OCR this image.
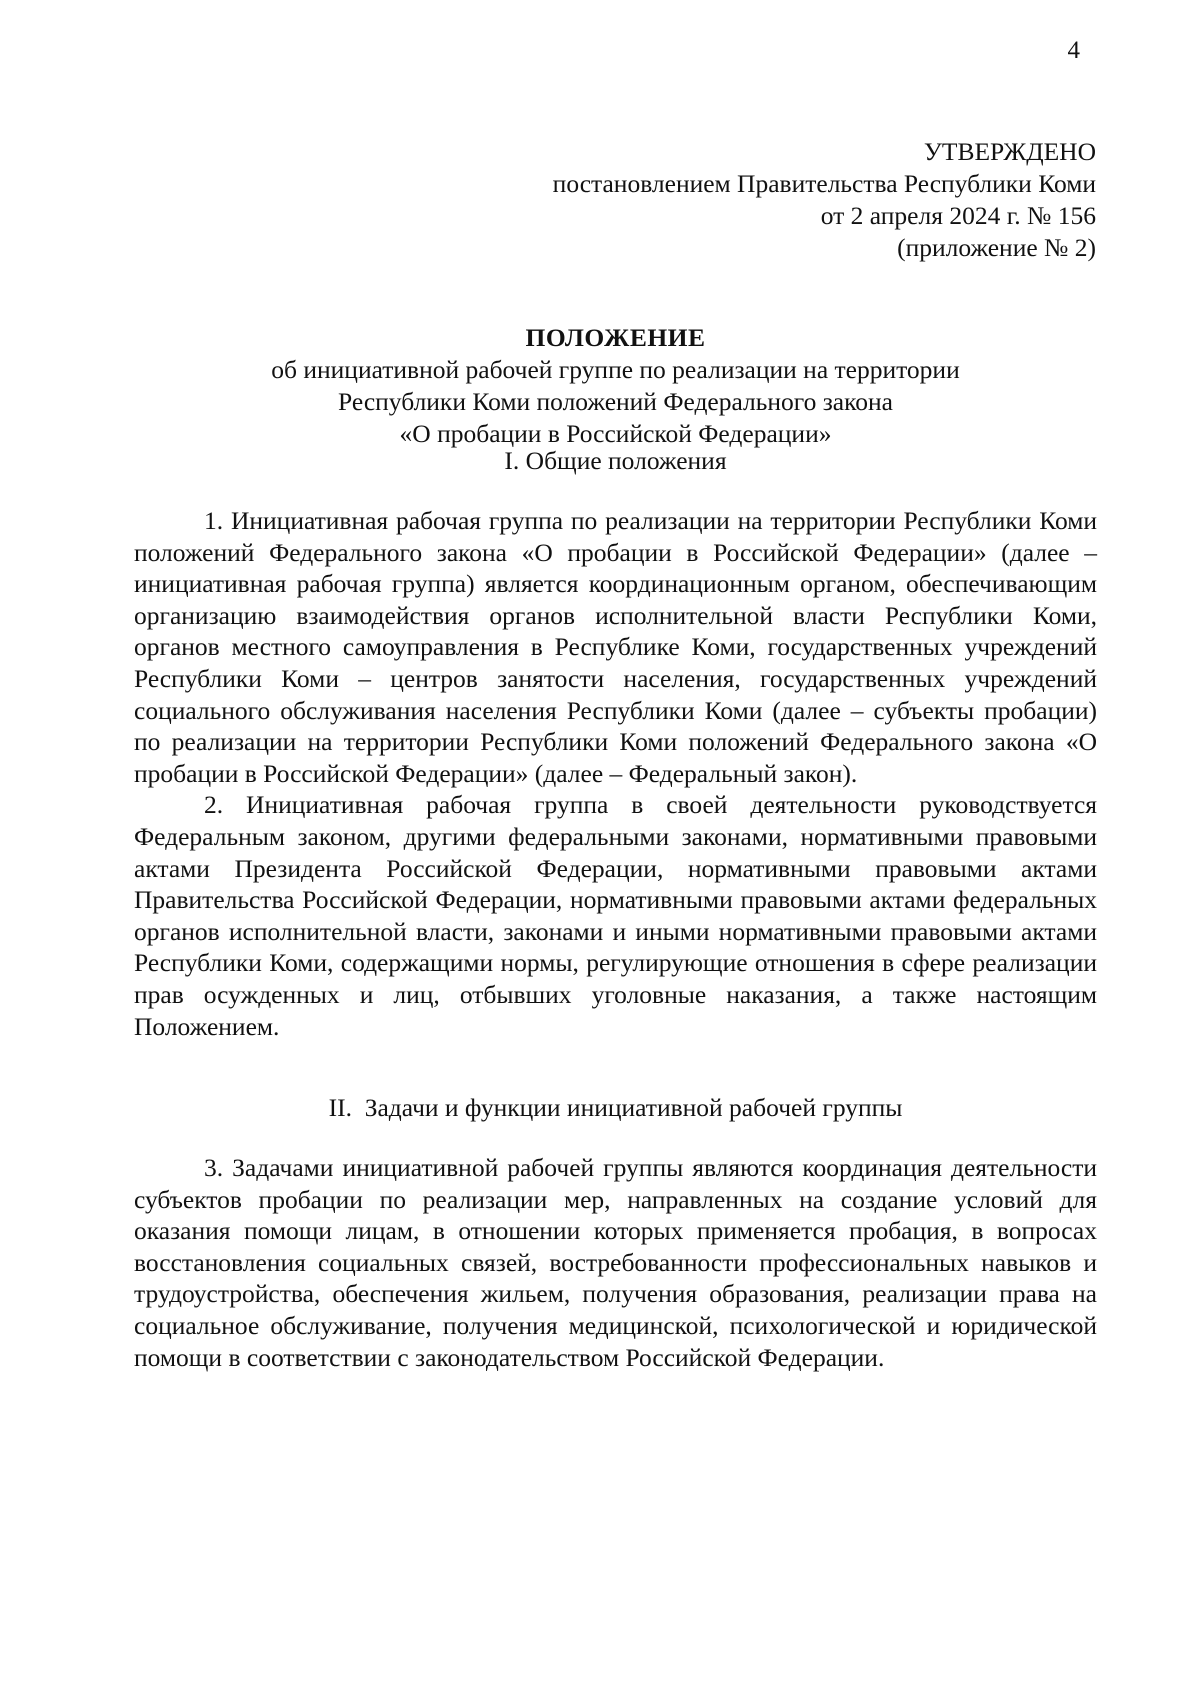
4
УТВЕРЖДЕНО
постановлением Правительства Республики Коми
от 2 апреля 2024 г. № 156
(приложение № 2)
ПОЛОЖЕНИЕ
об инициативной рабочей группе по реализации на территории
Республики Коми положений Федерального закона
«О пробации в Российской Федерации»
I. Общие положения

1. Инициативная рабочая группа по реализации на территории Республики Коми положений Федерального закона «О пробации в Российской Федерации» (далее – инициативная рабочая группа) является координационным органом, обеспечивающим организацию взаимодействия органов исполнительной власти Республики Коми, органов местного самоуправления в Республике Коми, государственных учреждений Республики Коми – центров занятости населения, государственных учреждений социального обслуживания населения Республики Коми (далее – субъекты пробации) по реализации на территории Республики Коми положений Федерального закона «О пробации в Российской Федерации» (далее – Федеральный закон).

2. Инициативная рабочая группа в своей деятельности руководствуется Федеральным законом, другими федеральными законами, нормативными правовыми актами Президента Российской Федерации, нормативными правовыми актами Правительства Российской Федерации, нормативными правовыми актами федеральных органов исполнительной власти, законами и иными нормативными правовыми актами Республики Коми, содержащими нормы, регулирующие отношения в сфере реализации прав осужденных и лиц, отбывших уголовные наказания, а также настоящим Положением.

II.  Задачи и функции инициативной рабочей группы

3. Задачами инициативной рабочей группы являются координация деятельности субъектов пробации по реализации мер, направленных на создание условий для оказания помощи лицам, в отношении которых применяется пробация, в вопросах восстановления социальных связей, востребованности профессиональных навыков и трудоустройства, обеспечения жильем, получения образования, реализации права на социальное обслуживание, получения медицинской, психологической и юридической помощи в соответствии с законодательством Российской Федерации.
